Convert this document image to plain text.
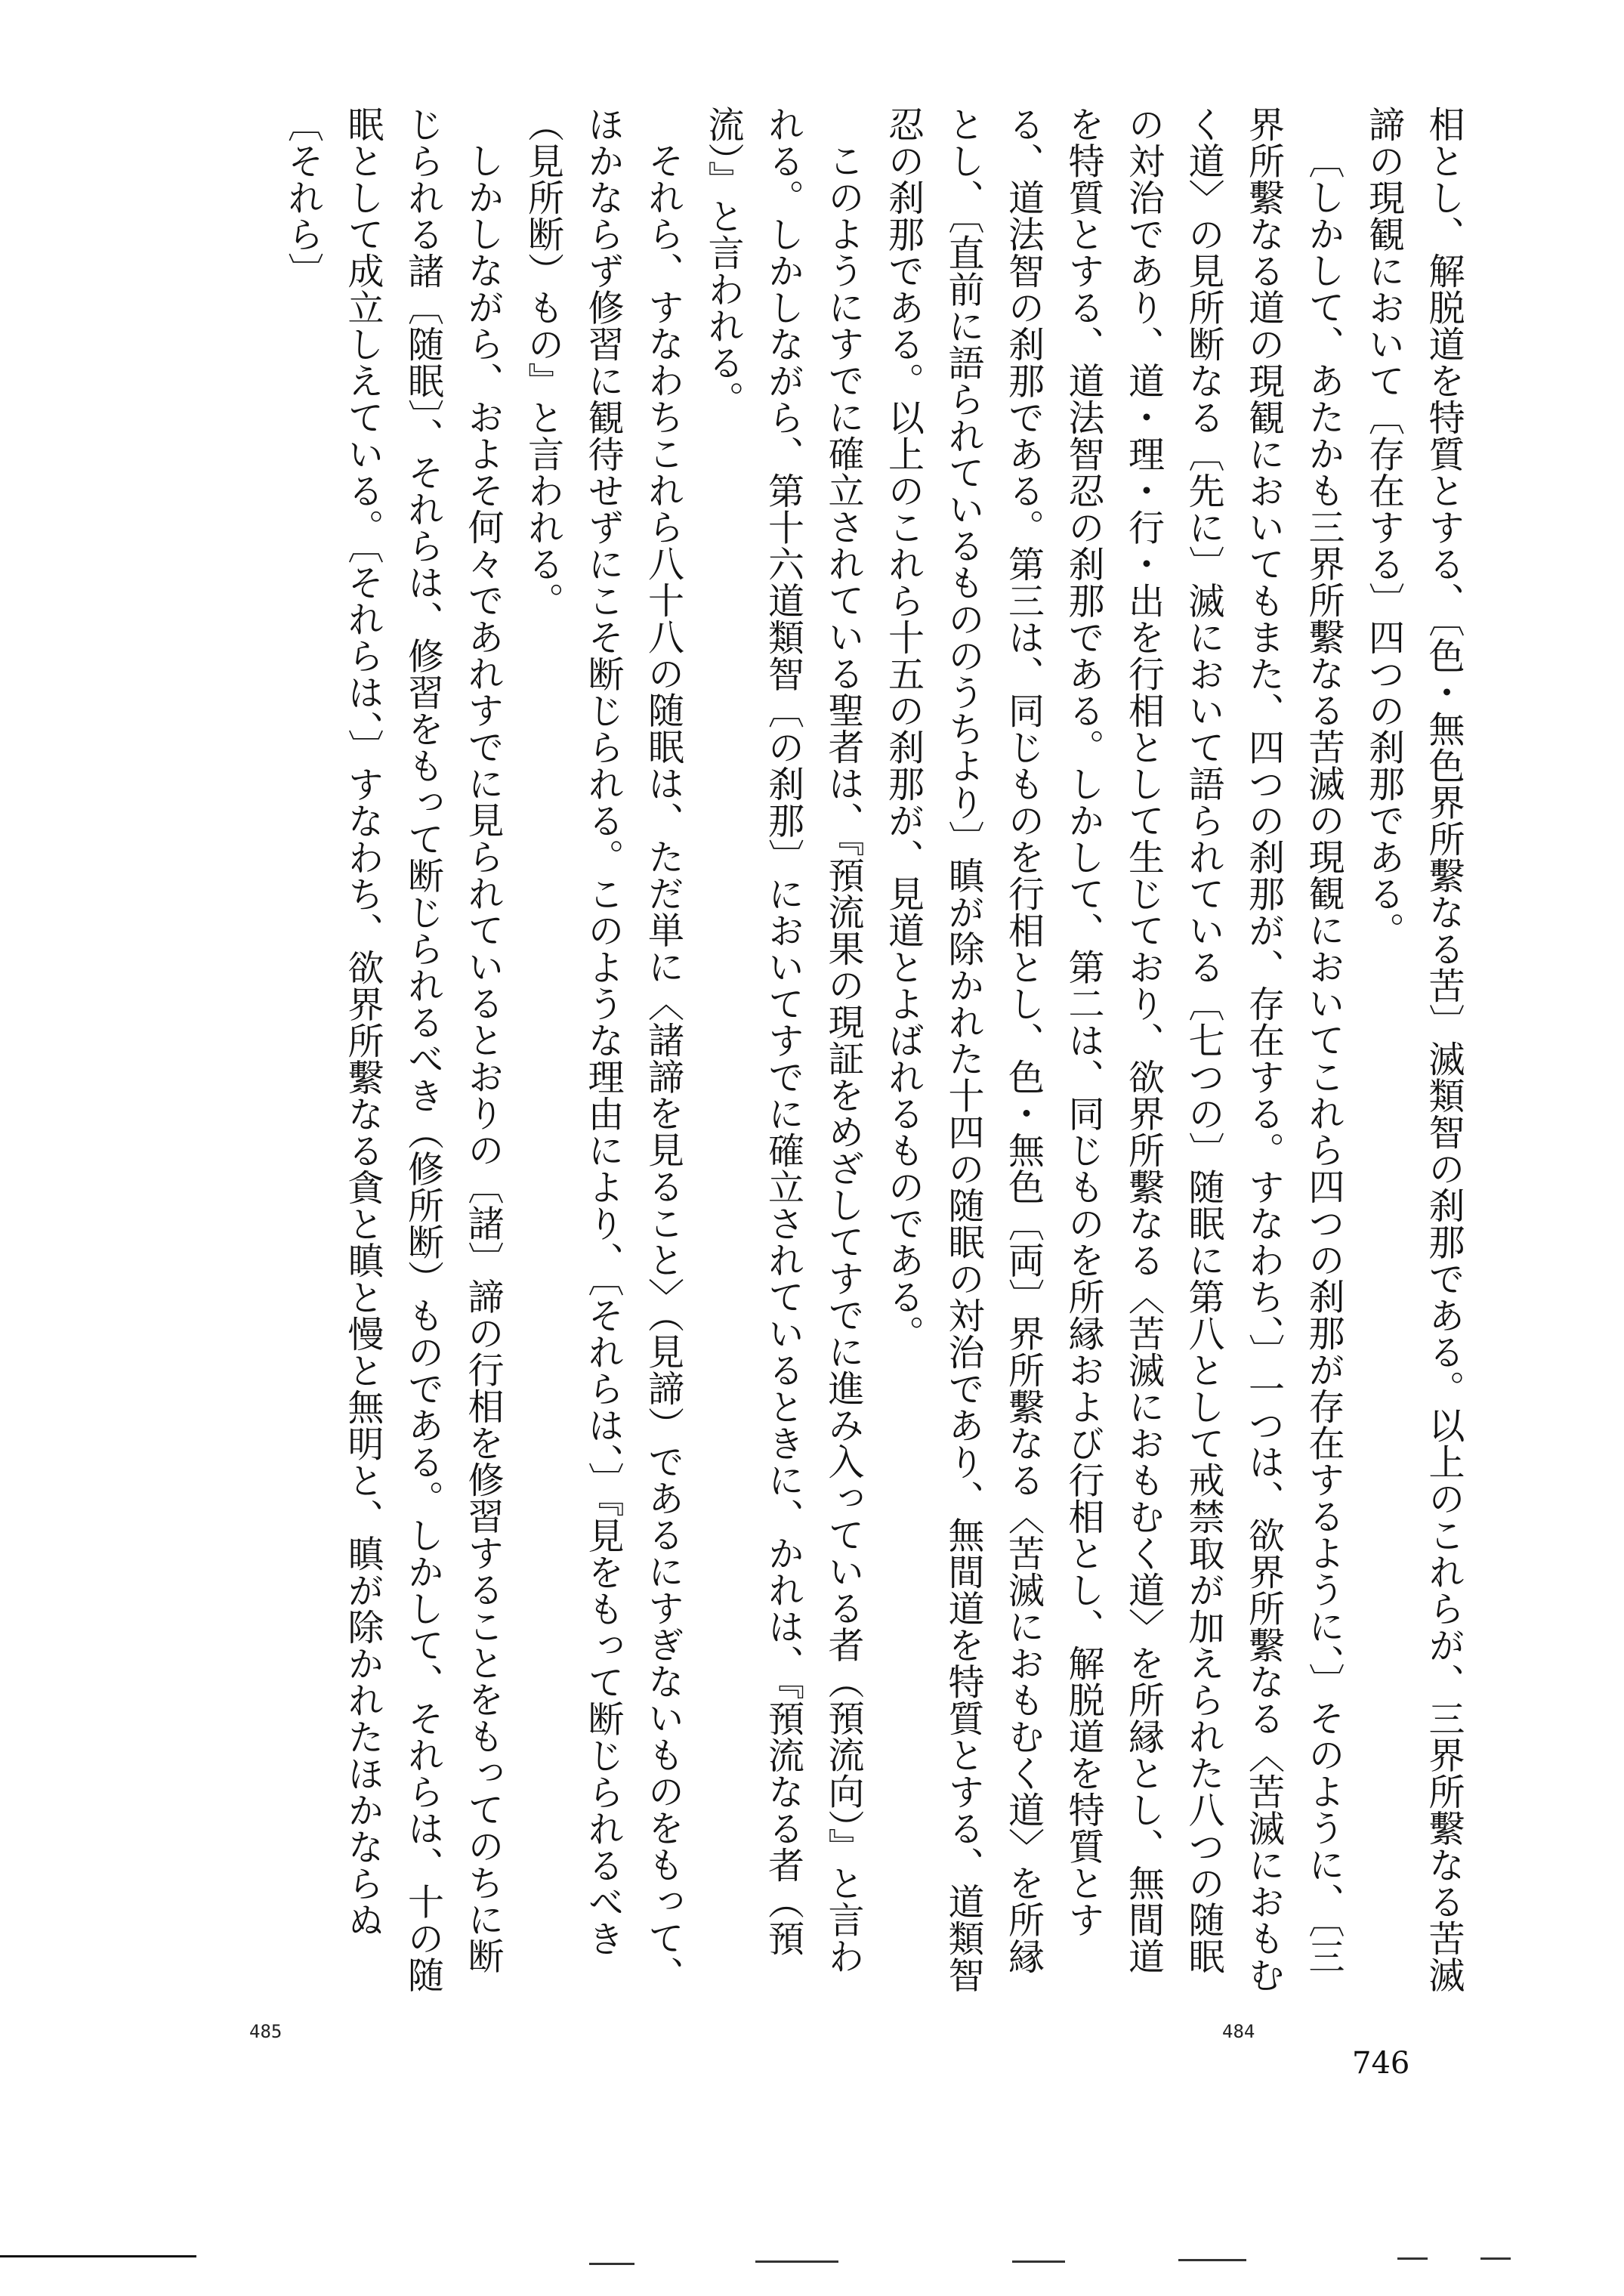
相とし、解脱道を特質とする、〔色・無色界所繫なる苦〕滅類智の刹那である。以上のこれらが、三界所繫なる苦滅諦の現観において〔存在する〕四つの刹那である。

〔しかして、あたかも三界所繫なる苦滅の現観においてこれら四つの刹那が存在するように、〕そのように、〔三界所繫なる道の現観においてもまた、四つの刹那が、存在する。すなわち、〕一つは、欲界所繫なる〈苦滅におもむく道〉の見所断なる〔先に〕滅において語られている〔七つの〕随眠に第八として戒禁取が加えられた八つの随眠の対治であり、道・理・行・出を行相として生じており、欲界所繫なる〈苦滅におもむく道〉を所縁とし、無間道を特質とする、道法智忍の刹那である。しかして、第二は、同じものを所縁および行相とし、解脱道を特質とする、道法智の刹那である。第三は、同じものを行相とし、色・無色〔両〕界所繫なる〈苦滅におもむく道〉を所縁とし、〔直前に語られているもののうちより〕瞋が除かれた十四の随眠の対治であり、無間道を特質とする、道類智忍の刹那である。以上のこれら十五の刹那が、見道とよばれるものである。

このようにすでに確立されている聖者は、『預流果の現証をめざしてすでに進み入っている者（預流向）』と言われる。しかしながら、第十六道類智〔の刹那〕においてすでに確立されているときに、かれは、『預流なる者（預流）』と言われる。

それら、すなわちこれら八十八の随眠は、ただ単に〈諸諦を見ること〉（見諦）であるにすぎないものをもって、ほかならず修習に観待せずにこそ断じられる。このような理由により、〔それらは、〕『見をもって断じられるべき（見所断）もの』と言われる。

しかしながら、およそ何々であれすでに見られているとおりの〔諸〕諦の行相を修習することをもってのちに断じられる諸〔随眠〕、それらは、修習をもって断じられるべき（修所断）ものである。しかして、それらは、十の随眠として成立しえている。〔それらは、〕すなわち、欲界所繫なる貪と瞋と慢と無明と、瞋が除かれたほかならぬ〔それら〕

484
485
746
